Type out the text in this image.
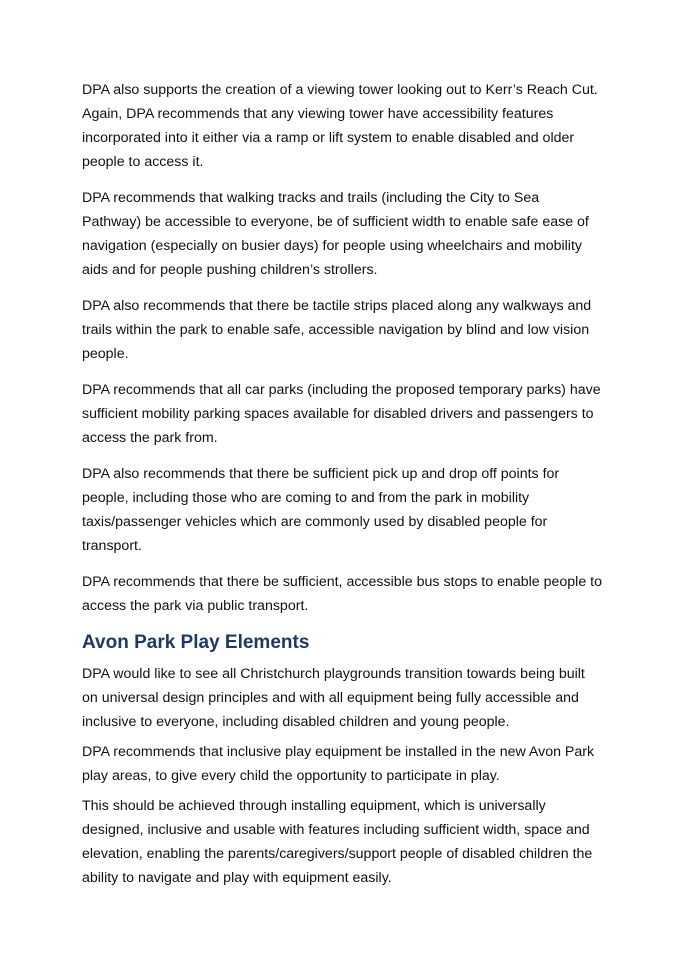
DPA also supports the creation of a viewing tower looking out to Kerr’s Reach Cut. Again, DPA recommends that any viewing tower have accessibility features incorporated into it either via a ramp or lift system to enable disabled and older people to access it.

DPA recommends that walking tracks and trails (including the City to Sea Pathway) be accessible to everyone, be of sufficient width to enable safe ease of navigation (especially on busier days) for people using wheelchairs and mobility aids and for people pushing children’s strollers.

DPA also recommends that there be tactile strips placed along any walkways and trails within the park to enable safe, accessible navigation by blind and low vision people.

DPA recommends that all car parks (including the proposed temporary parks) have sufficient mobility parking spaces available for disabled drivers and passengers to access the park from.

DPA also recommends that there be sufficient pick up and drop off points for people, including those who are coming to and from the park in mobility taxis/passenger vehicles which are commonly used by disabled people for transport.

DPA recommends that there be sufficient, accessible bus stops to enable people to access the park via public transport.

Avon Park Play Elements

DPA would like to see all Christchurch playgrounds transition towards being built on universal design principles and with all equipment being fully accessible and inclusive to everyone, including disabled children and young people.

DPA recommends that inclusive play equipment be installed in the new Avon Park play areas, to give every child the opportunity to participate in play.

This should be achieved through installing equipment, which is universally designed, inclusive and usable with features including sufficient width, space and elevation, enabling the parents/caregivers/support people of disabled children the ability to navigate and play with equipment easily.
